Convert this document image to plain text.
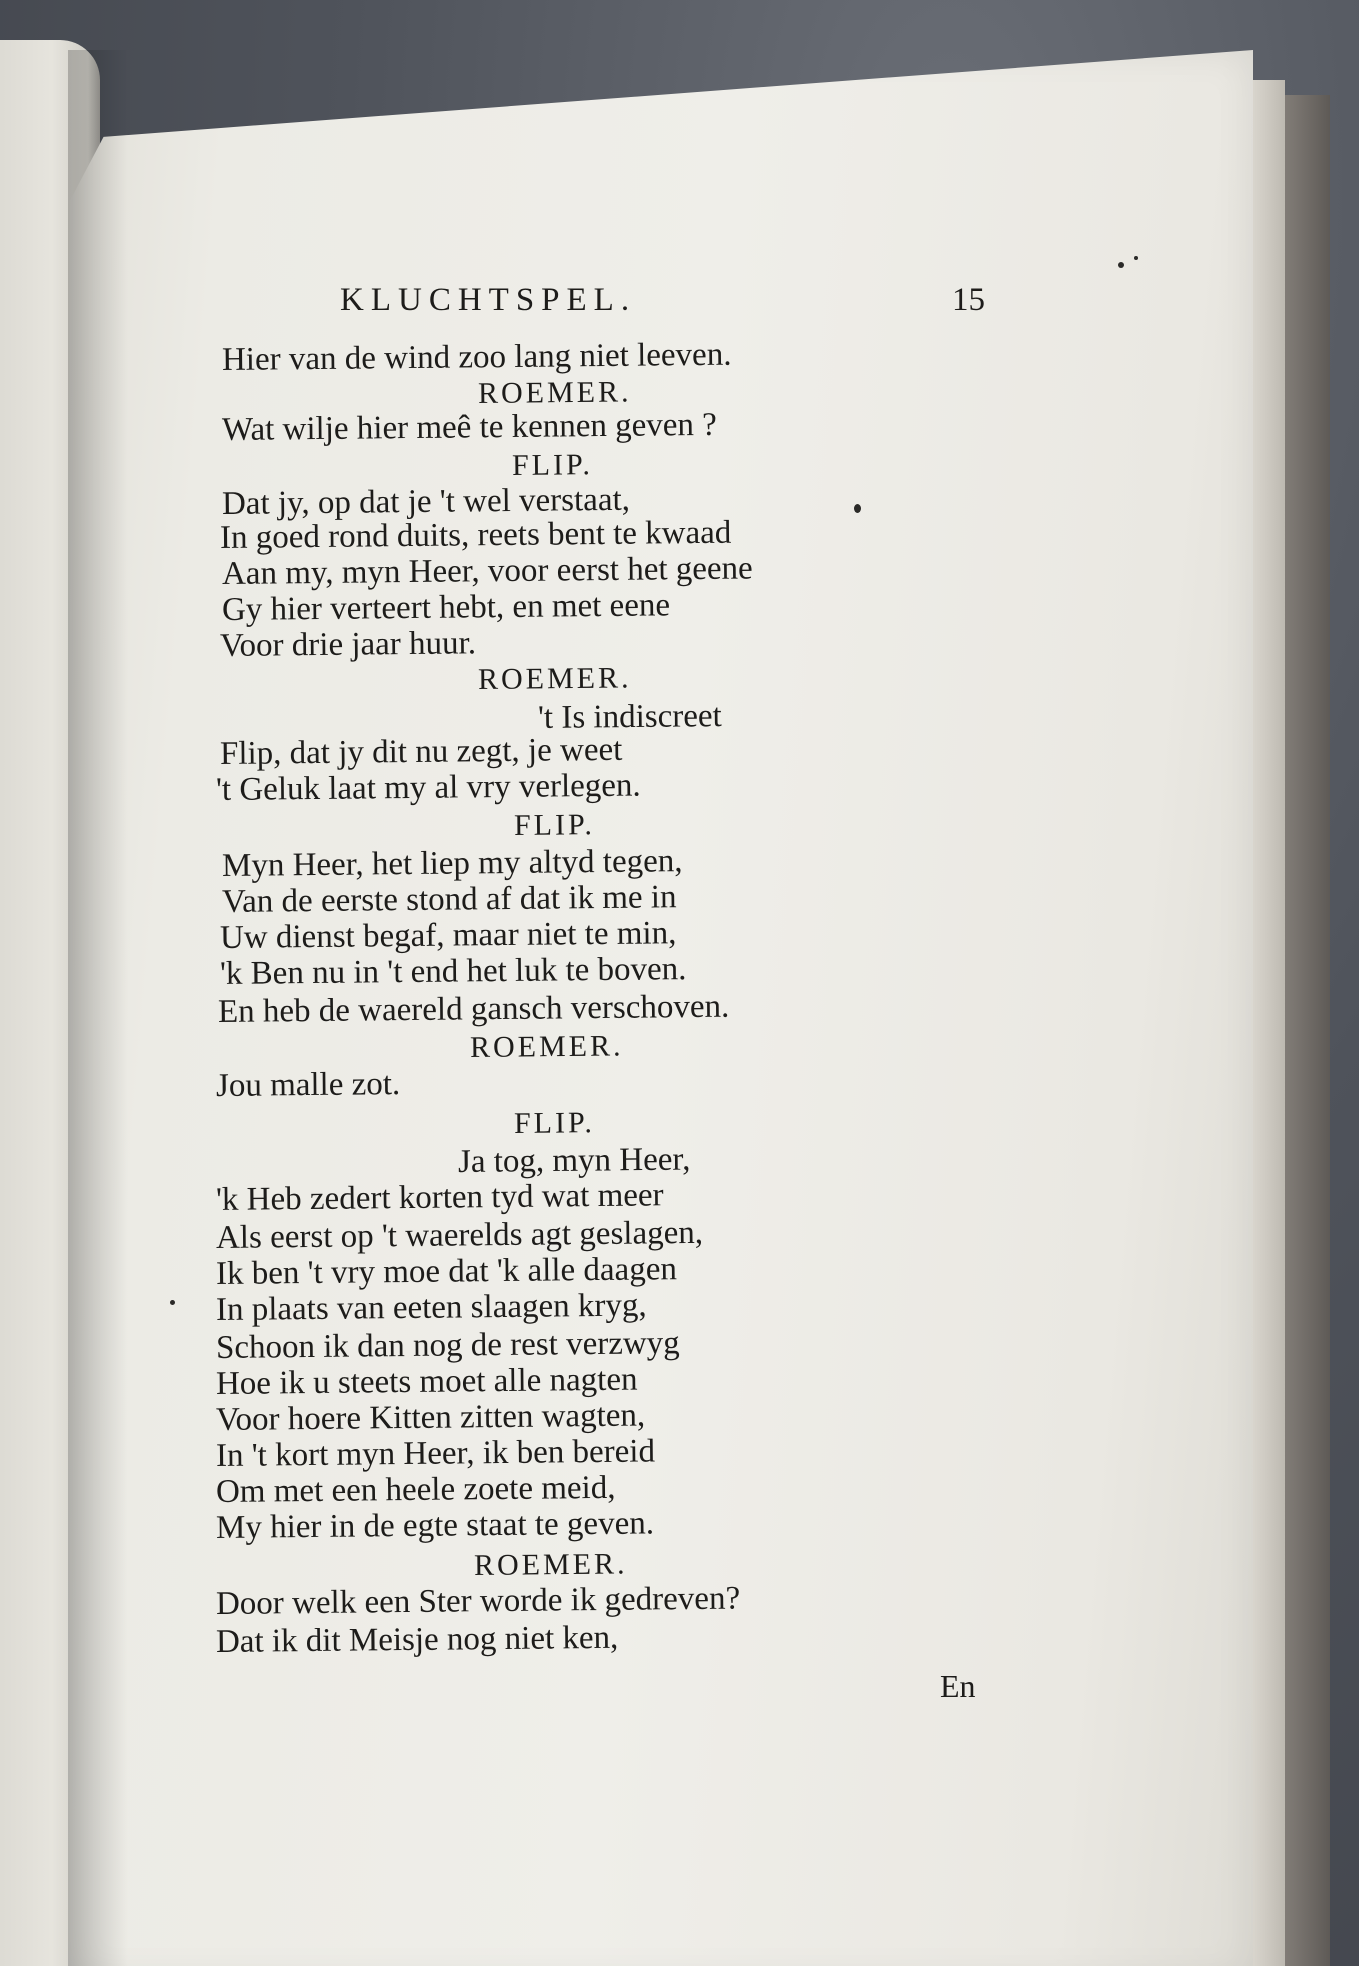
KLUCHTSPEL.	15
Hier van de wind zoo lang niet leeven.
ROEMER.
Wat wilje hier meê te kennen geven ?
FLIP.
Dat jy, op dat je 't wel verstaat,
In goed rond duits, reets bent te kwaad
Aan my, myn Heer, voor eerst het geene
Gy hier verteert hebt, en met eene
Voor drie jaar huur.
ROEMER.
't Is indiscreet
Flip, dat jy dit nu zegt, je weet
't Geluk laat my al vry verlegen.
FLIP.
Myn Heer, het liep my altyd tegen,
Van de eerste stond af dat ik me in
Uw dienst begaf, maar niet te min,
'k Ben nu in 't end het luk te boven.
En heb de waereld gansch verschoven.
ROEMER.
Jou malle zot.
FLIP.
Ja tog, myn Heer,
'k Heb zedert korten tyd wat meer
Als eerst op 't waerelds agt geslagen,
Ik ben 't vry moe dat 'k alle daagen
In plaats van eeten slaagen kryg,
Schoon ik dan nog de rest verzwyg
Hoe ik u steets moet alle nagten
Voor hoere Kitten zitten wagten,
In 't kort myn Heer, ik ben bereid
Om met een heele zoete meid,
My hier in de egte staat te geven.
ROEMER.
Door welk een Ster worde ik gedreven?
Dat ik dit Meisje nog niet ken,
En
